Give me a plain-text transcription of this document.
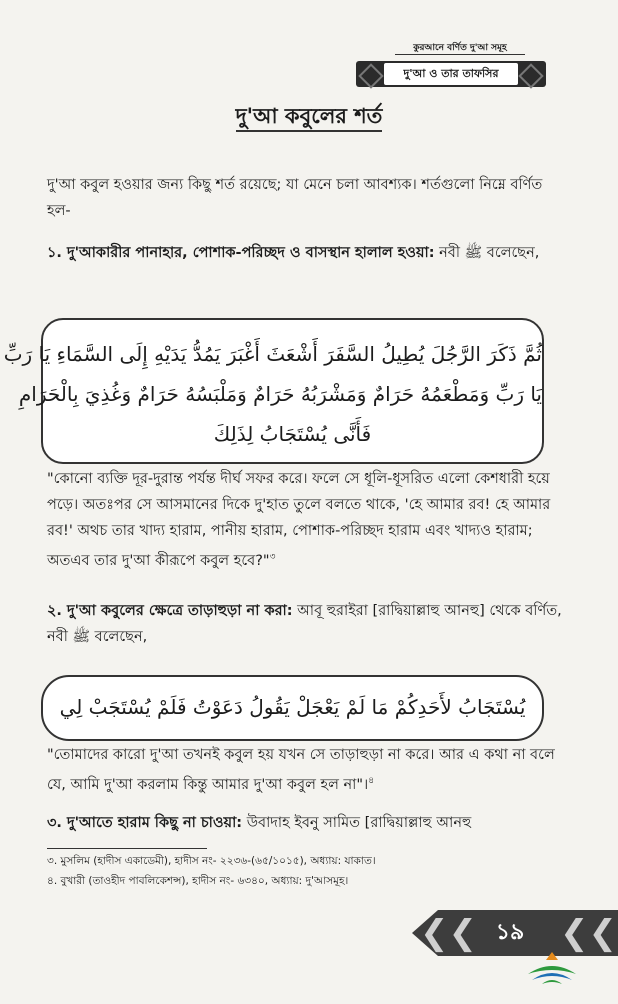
কুরআনে বর্ণিত দু'আ সমূহ
দু'আ ও তার তাফসির
দু'আ কবুলের শর্ত

দু'আ কবুল হওয়ার জন্য কিছু শর্ত রয়েছে; যা মেনে চলা আবশ্যক। শর্তগুলো নিম্নে বর্ণিত হল-

১. দু'আকারীর পানাহার, পোশাক-পরিচ্ছদ ও বাসস্থান হালাল হওয়া: নবী ﷺ বলেছেন,

ثُمَّ ذَكَرَ الرَّجُلَ يُطِيلُ السَّفَرَ أَشْعَثَ أَغْبَرَ يَمُدُّ يَدَيْهِ إِلَى السَّمَاءِ يَا رَبِّ
يَا رَبِّ وَمَطْعَمُهُ حَرَامٌ وَمَشْرَبُهُ حَرَامٌ وَمَلْبَسُهُ حَرَامٌ وَغُذِيَ بِالْحَرَامِ
فَأَنَّى يُسْتَجَابُ لِذَلِكَ

"কোনো ব্যক্তি দূর-দুরান্ত পর্যন্ত দীর্ঘ সফর করে। ফলে সে ধূলি-ধূসরিত এলো কেশধারী হয়ে পড়ে। অতঃপর সে আসমানের দিকে দু'হাত তুলে বলতে থাকে, 'হে আমার রব! হে আমার রব!' অথচ তার খাদ্য হারাম, পানীয় হারাম, পোশাক-পরিচ্ছদ হারাম এবং খাদ্যও হারাম; অতএব তার দু'আ কীরূপে কবুল হবে?"$^৩$

২. দু'আ কবুলের ক্ষেত্রে তাড়াহুড়া না করা: আবূ হুরাইরা [রাদ্বিয়াল্লাহু আনহু] থেকে বর্ণিত, নবী ﷺ বলেছেন,

يُسْتَجَابُ لأَحَدِكُمْ مَا لَمْ يَعْجَلْ يَقُولُ دَعَوْتُ فَلَمْ يُسْتَجَبْ لِي

"তোমাদের কারো দু'আ তখনই কবুল হয় যখন সে তাড়াহুড়া না করে। আর এ কথা না বলে যে, আমি দু'আ করলাম কিন্তু আমার দু'আ কবুল হল না"।$^৪$

৩. দু'আতে হারাম কিছু না চাওয়া: উবাদাহ ইবনু সামিত [রাদ্বিয়াল্লাহু আনহু

৩. মুসলিম (হাদীস একাডেমী), হাদীস নং- ২২৩৬-(৬৫/১০১৫), অধ্যায়: যাকাত।
৪. বুখারী (তাওহীদ পাবলিকেশন্স), হাদীস নং- ৬৩৪০, অধ্যায়: দু'আসমূহ।
❮❮ ❮❮
১৯
